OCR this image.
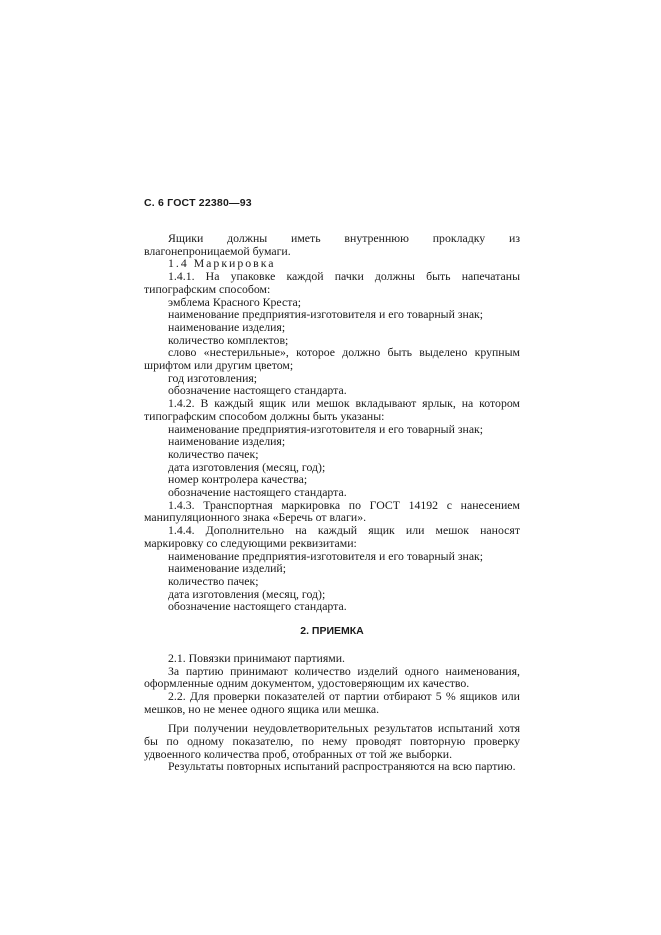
С. 6 ГОСТ 22380—93

Ящики должны иметь внутреннюю прокладку из влагонепроницаемой бумаги.

1.4 Маркировка

1.4.1. На упаковке каждой пачки должны быть напечатаны типографским способом:

эмблема Красного Креста;

наименование предприятия-изготовителя и его товарный знак;

наименование изделия;

количество комплектов;

слово «нестерильные», которое должно быть выделено крупным шрифтом или другим цветом;

год изготовления;

обозначение настоящего стандарта.

1.4.2. В каждый ящик или мешок вкладывают ярлык, на котором типографским способом должны быть указаны:

наименование предприятия-изготовителя и его товарный знак;

наименование изделия;

количество пачек;

дата изготовления (месяц, год);

номер контролера качества;

обозначение настоящего стандарта.

1.4.3. Транспортная маркировка по ГОСТ 14192 с нанесением манипуляционного знака «Беречь от влаги».

1.4.4. Дополнительно на каждый ящик или мешок наносят маркировку со следующими реквизитами:

наименование предприятия-изготовителя и его товарный знак;

наименование изделий;

количество пачек;

дата изготовления (месяц, год);

обозначение настоящего стандарта.

2. ПРИЕМКА

2.1. Повязки принимают партиями.

За партию принимают количество изделий одного наименования, оформленные одним документом, удостоверяющим их качество.

2.2. Для проверки показателей от партии отбирают 5 % ящиков или мешков, но не менее одного ящика или мешка.

При получении неудовлетворительных результатов испытаний хотя бы по одному показателю, по нему проводят повторную проверку удвоенного количества проб, отобранных от той же выборки.

Результаты повторных испытаний распространяются на всю партию.
